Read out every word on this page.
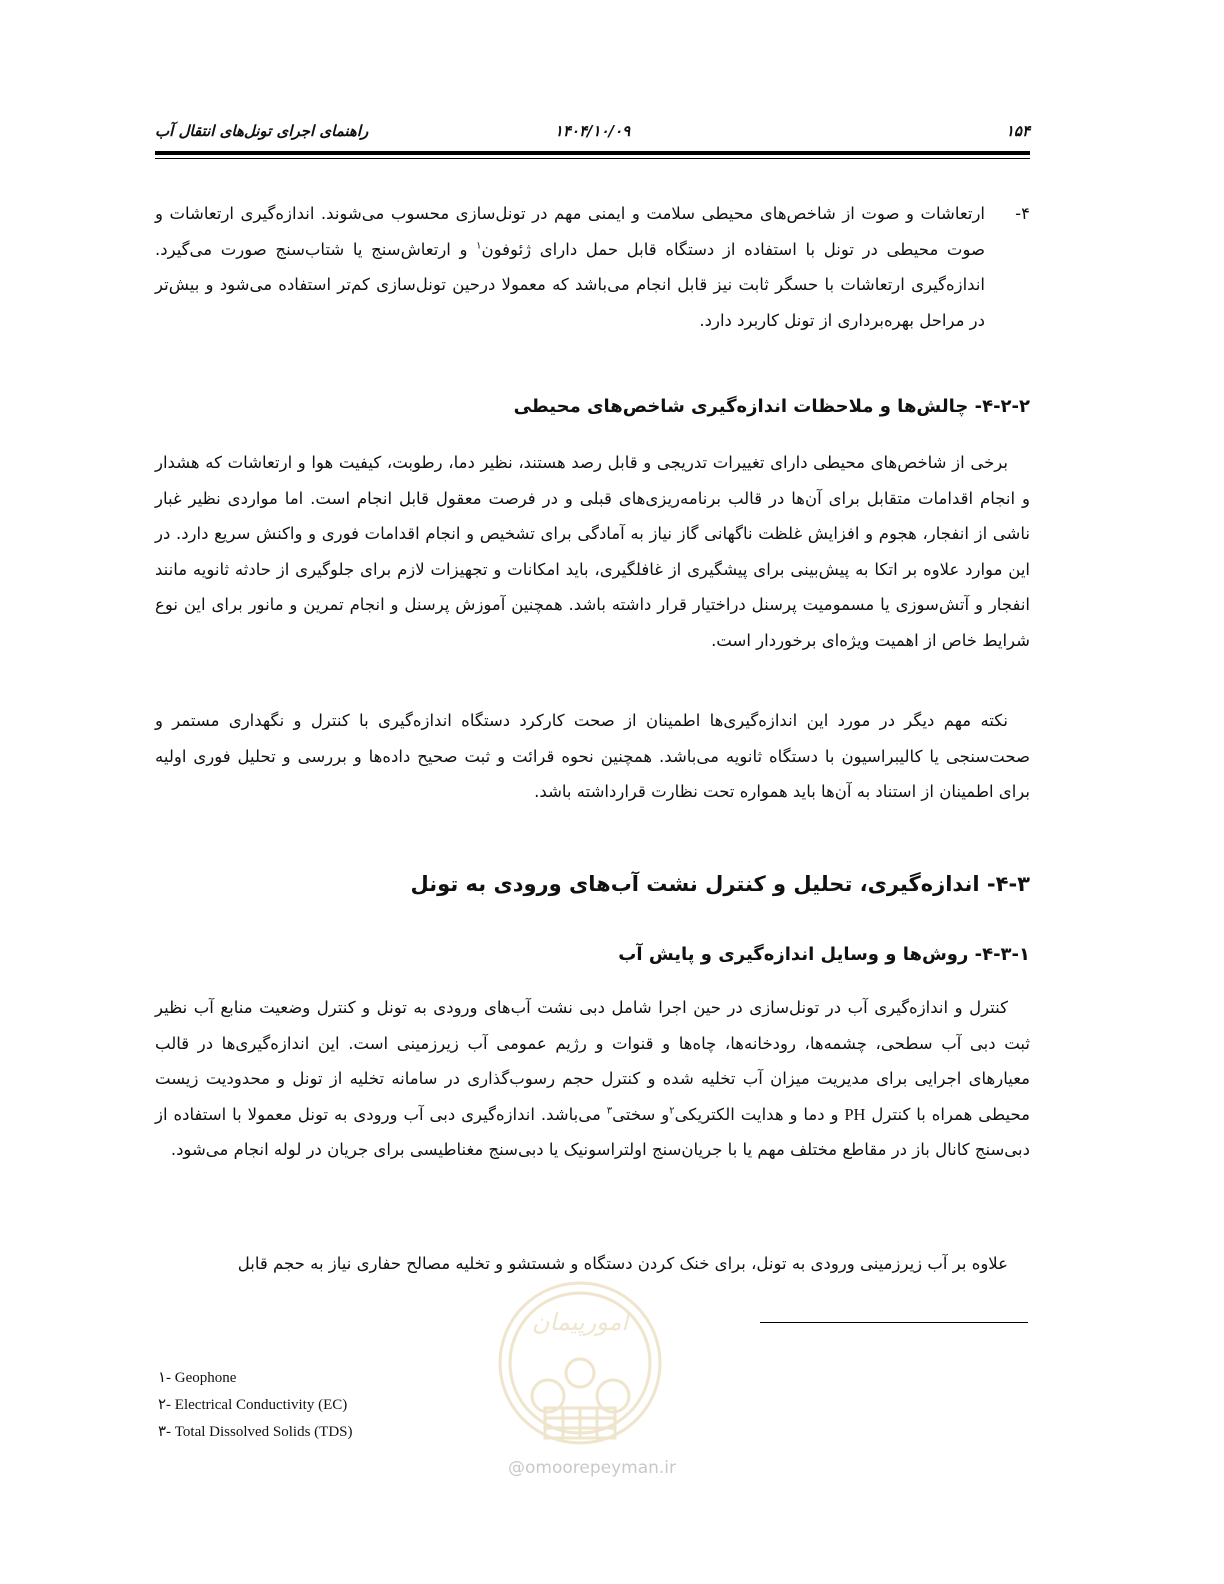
۱۵۴
۱۴۰۴/۱۰/۰۹
راهنمای اجرای تونل‌های انتقال آب
۴-
ارتعاشات و صوت از شاخص‌های محیطی سلامت و ایمنی مهم در تونل‌سازی محسوب می‌شوند. اندازه‌گیری ارتعاشات و صوت محیطی در تونل با استفاده از دستگاه قابل حمل دارای ژئوفون$^۱$ و ارتعاش‌سنج یا شتاب‌سنج صورت می‌گیرد. اندازه‌گیری ارتعاشات با حسگر ثابت نیز قابل انجام می‌باشد که معمولا درحین تونل‌سازی کم‌تر استفاده می‌شود و بیش‌تر در مراحل بهره‌برداری از تونل کاربرد دارد.
۴-۲-۲- چالش‌ها و ملاحظات اندازه‌گیری شاخص‌های محیطی
برخی از شاخص‌های محیطی دارای تغییرات تدریجی و قابل رصد هستند، نظیر دما، رطوبت، کیفیت هوا و ارتعاشات که هشدار و انجام اقدامات متقابل برای آن‌ها در قالب برنامه‌ریزی‌های قبلی و در فرصت معقول قابل انجام است. اما مواردی نظیر غبار ناشی از انفجار، هجوم و افزایش غلظت ناگهانی گاز نیاز به آمادگی برای تشخیص و انجام اقدامات فوری و واکنش سریع دارد. در این موارد علاوه بر اتکا به پیش‌بینی برای پیشگیری از غافلگیری، باید امکانات و تجهیزات لازم برای جلوگیری از حادثه ثانویه مانند انفجار و آتش‌سوزی یا مسمومیت پرسنل دراختیار قرار داشته باشد. همچنین آموزش پرسنل و انجام تمرین و مانور برای این نوع شرایط خاص از اهمیت ویژه‌ای برخوردار است.
نکته مهم دیگر در مورد این اندازه‌گیری‌ها اطمینان از صحت کارکرد دستگاه اندازه‌گیری با کنترل و نگهداری مستمر و صحت‌سنجی یا کالیبراسیون با دستگاه ثانویه می‌باشد. همچنین نحوه قرائت و ثبت صحیح داده‌ها و بررسی و تحلیل فوری اولیه برای اطمینان از استناد به آن‌ها باید همواره تحت نظارت قرارداشته باشد.
۴-۳- اندازه‌گیری، تحلیل و کنترل نشت آب‌های ورودی به تونل
۴-۳-۱- روش‌ها و وسایل اندازه‌گیری و پایش آب
کنترل و اندازه‌گیری آب در تونل‌سازی در حین اجرا شامل دبی نشت آب‌های ورودی به تونل و کنترل وضعیت منابع آب نظیر ثبت دبی آب سطحی، چشمه‌ها، رودخانه‌ها، چاه‌ها و قنوات و رژیم عمومی آب زیرزمینی است. این اندازه‌گیری‌ها در قالب معیارهای اجرایی برای مدیریت میزان آب تخلیه شده و کنترل حجم رسوب‌گذاری در سامانه تخلیه از تونل و محدودیت زیست محیطی همراه با کنترل PH و دما و هدایت الکتریکی$^۲$و سختی$^۳$ می‌باشد. اندازه‌گیری دبی آب ورودی به تونل معمولا با استفاده از دبی‌سنج کانال باز در مقاطع مختلف مهم یا با جریان‌سنج اولتراسونیک یا دبی‌سنج مغناطیسی برای جریان در لوله انجام می‌شود.
علاوه بر آب زیرزمینی ورودی به تونل، برای خنک کردن دستگاه و شستشو و تخلیه مصالح حفاری نیاز به حجم قابل
۱- Geophone
۲- Electrical Conductivity (EC)
۳- Total Dissolved Solids (TDS)
امورپیمان
@omoorepeyman.ir
